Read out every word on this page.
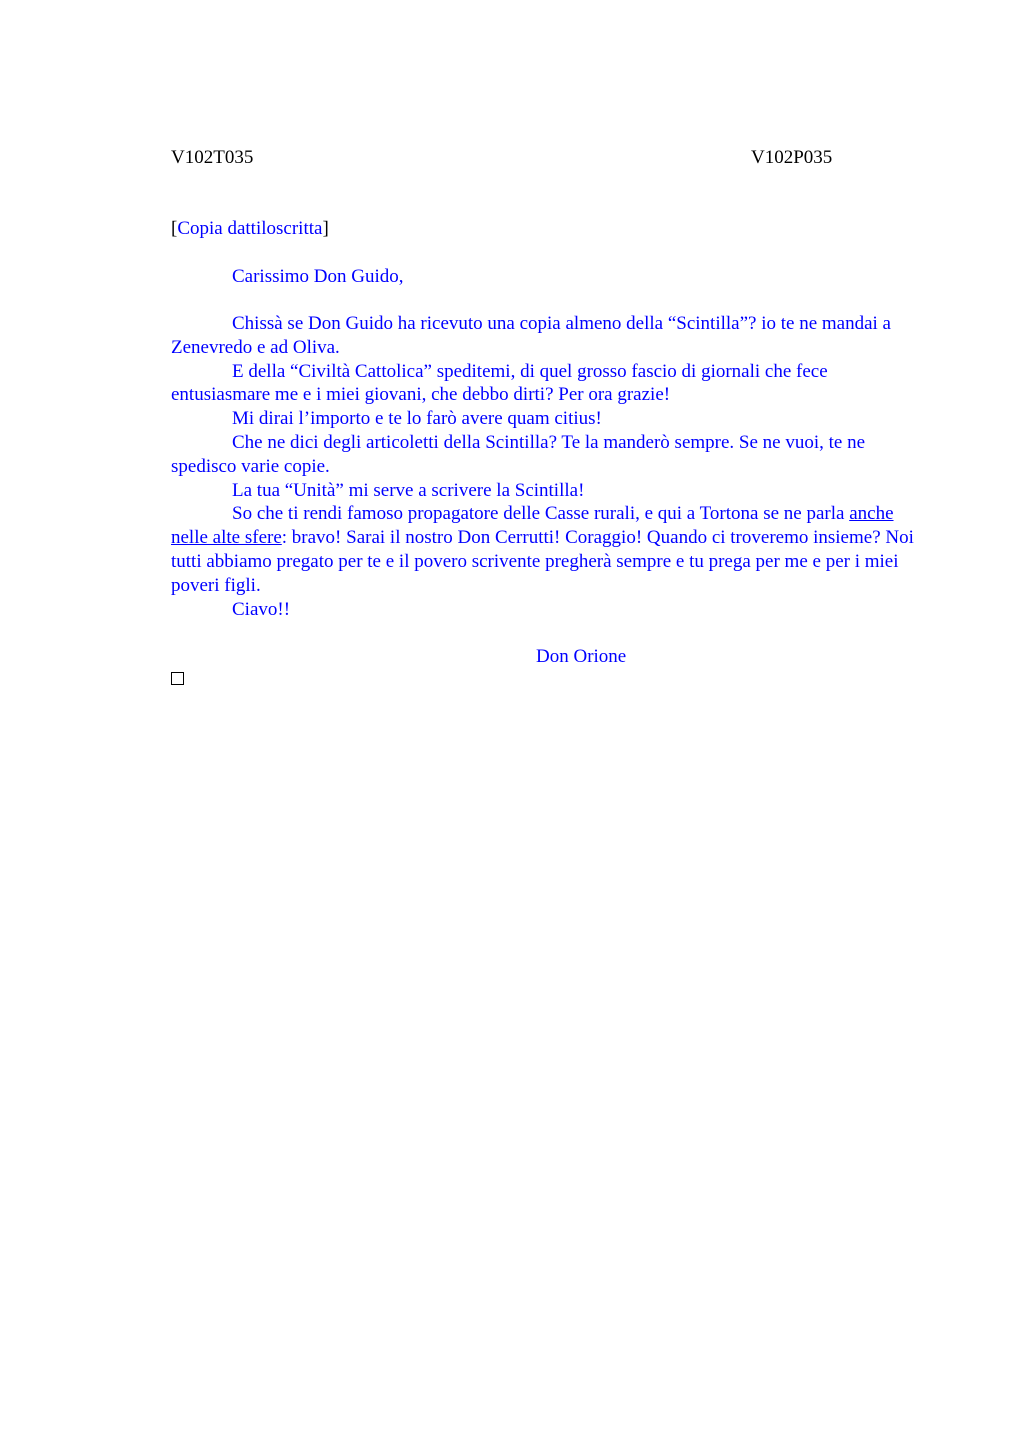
V102T035	V102P035
[Copia dattiloscritta]
Carissimo Don Guido,

Chissà se Don Guido ha ricevuto una copia almeno della “Scintilla”? io te ne mandai a Zenevredo e ad Oliva.

E della “Civiltà Cattolica” speditemi, di quel grosso fascio di giornali che fece entusiasmare me e i miei giovani, che debbo dirti? Per ora grazie!

Mi dirai l’importo e te lo farò avere quam citius!

Che ne dici degli articoletti della Scintilla? Te la manderò sempre. Se ne vuoi, te ne spedisco varie copie.

La tua “Unità” mi serve a scrivere la Scintilla!

So che ti rendi famoso propagatore delle Casse rurali, e qui a Tortona se ne parla anche nelle alte sfere: bravo! Sarai il nostro Don Cerrutti! Coraggio! Quando ci troveremo insieme? Noi tutti abbiamo pregato per te e il povero scrivente pregherà sempre e tu prega per me e per i miei poveri figli.

Ciavo!!

Don Orione
